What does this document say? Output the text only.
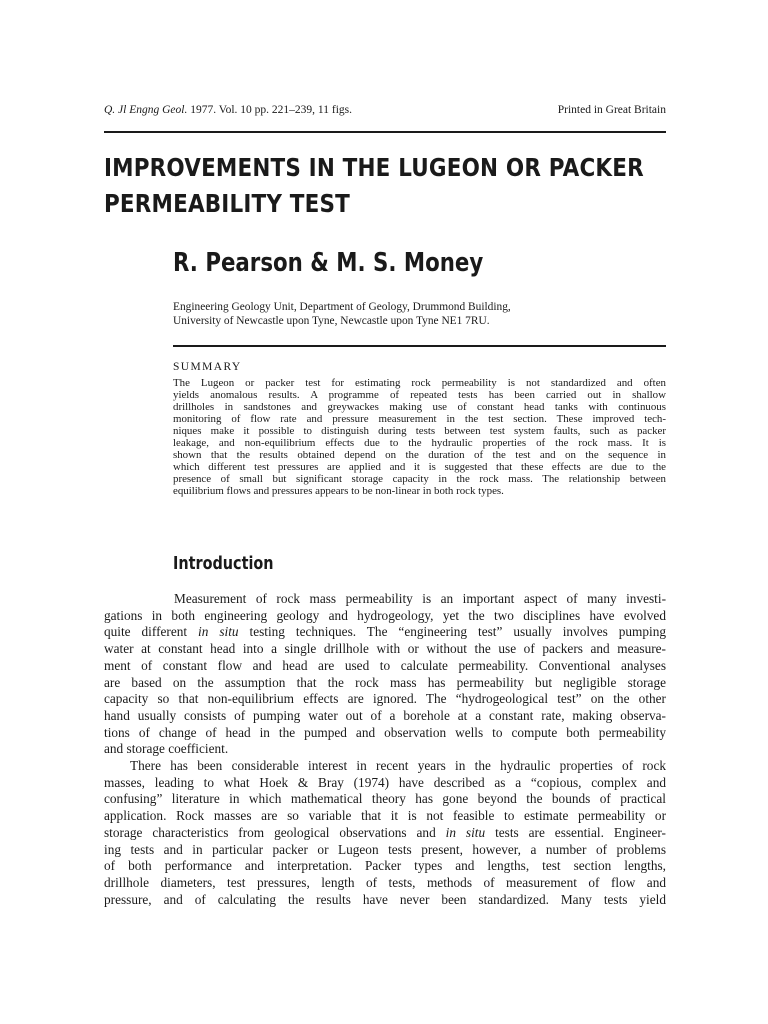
Q. Jl Engng Geol. 1977. Vol. 10 pp. 221–239, 11 figs.	Printed in Great Britain
IMPROVEMENTS IN THE LUGEON OR PACKER
PERMEABILITY TEST
R. Pearson & M. S. Money
Engineering Geology Unit, Department of Geology, Drummond Building,
University of Newcastle upon Tyne, Newcastle upon Tyne NE1 7RU.
SUMMARY
The Lugeon or packer test for estimating rock permeability is not standardized and often
yields anomalous results. A programme of repeated tests has been carried out in shallow
drillholes in sandstones and greywackes making use of constant head tanks with continuous
monitoring of flow rate and pressure measurement in the test section. These improved tech-
niques make it possible to distinguish during tests between test system faults, such as packer
leakage, and non-equilibrium effects due to the hydraulic properties of the rock mass. It is
shown that the results obtained depend on the duration of the test and on the sequence in
which different test pressures are applied and it is suggested that these effects are due to the
presence of small but significant storage capacity in the rock mass. The relationship between
equilibrium flows and pressures appears to be non-linear in both rock types.
Introduction
Measurement of rock mass permeability is an important aspect of many investi-
gations in both engineering geology and hydrogeology, yet the two disciplines have evolved
quite different in situ testing techniques. The “engineering test” usually involves pumping
water at constant head into a single drillhole with or without the use of packers and measure-
ment of constant flow and head are used to calculate permeability. Conventional analyses
are based on the assumption that the rock mass has permeability but negligible storage
capacity so that non-equilibrium effects are ignored. The “hydrogeological test” on the other
hand usually consists of pumping water out of a borehole at a constant rate, making observa-
tions of change of head in the pumped and observation wells to compute both permeability
and storage coefficient.
There has been considerable interest in recent years in the hydraulic properties of rock
masses, leading to what Hoek & Bray (1974) have described as a “copious, complex and
confusing” literature in which mathematical theory has gone beyond the bounds of practical
application. Rock masses are so variable that it is not feasible to estimate permeability or
storage characteristics from geological observations and in situ tests are essential. Engineer-
ing tests and in particular packer or Lugeon tests present, however, a number of problems
of both performance and interpretation. Packer types and lengths, test section lengths,
drillhole diameters, test pressures, length of tests, methods of measurement of flow and
pressure, and of calculating the results have never been standardized. Many tests yield
